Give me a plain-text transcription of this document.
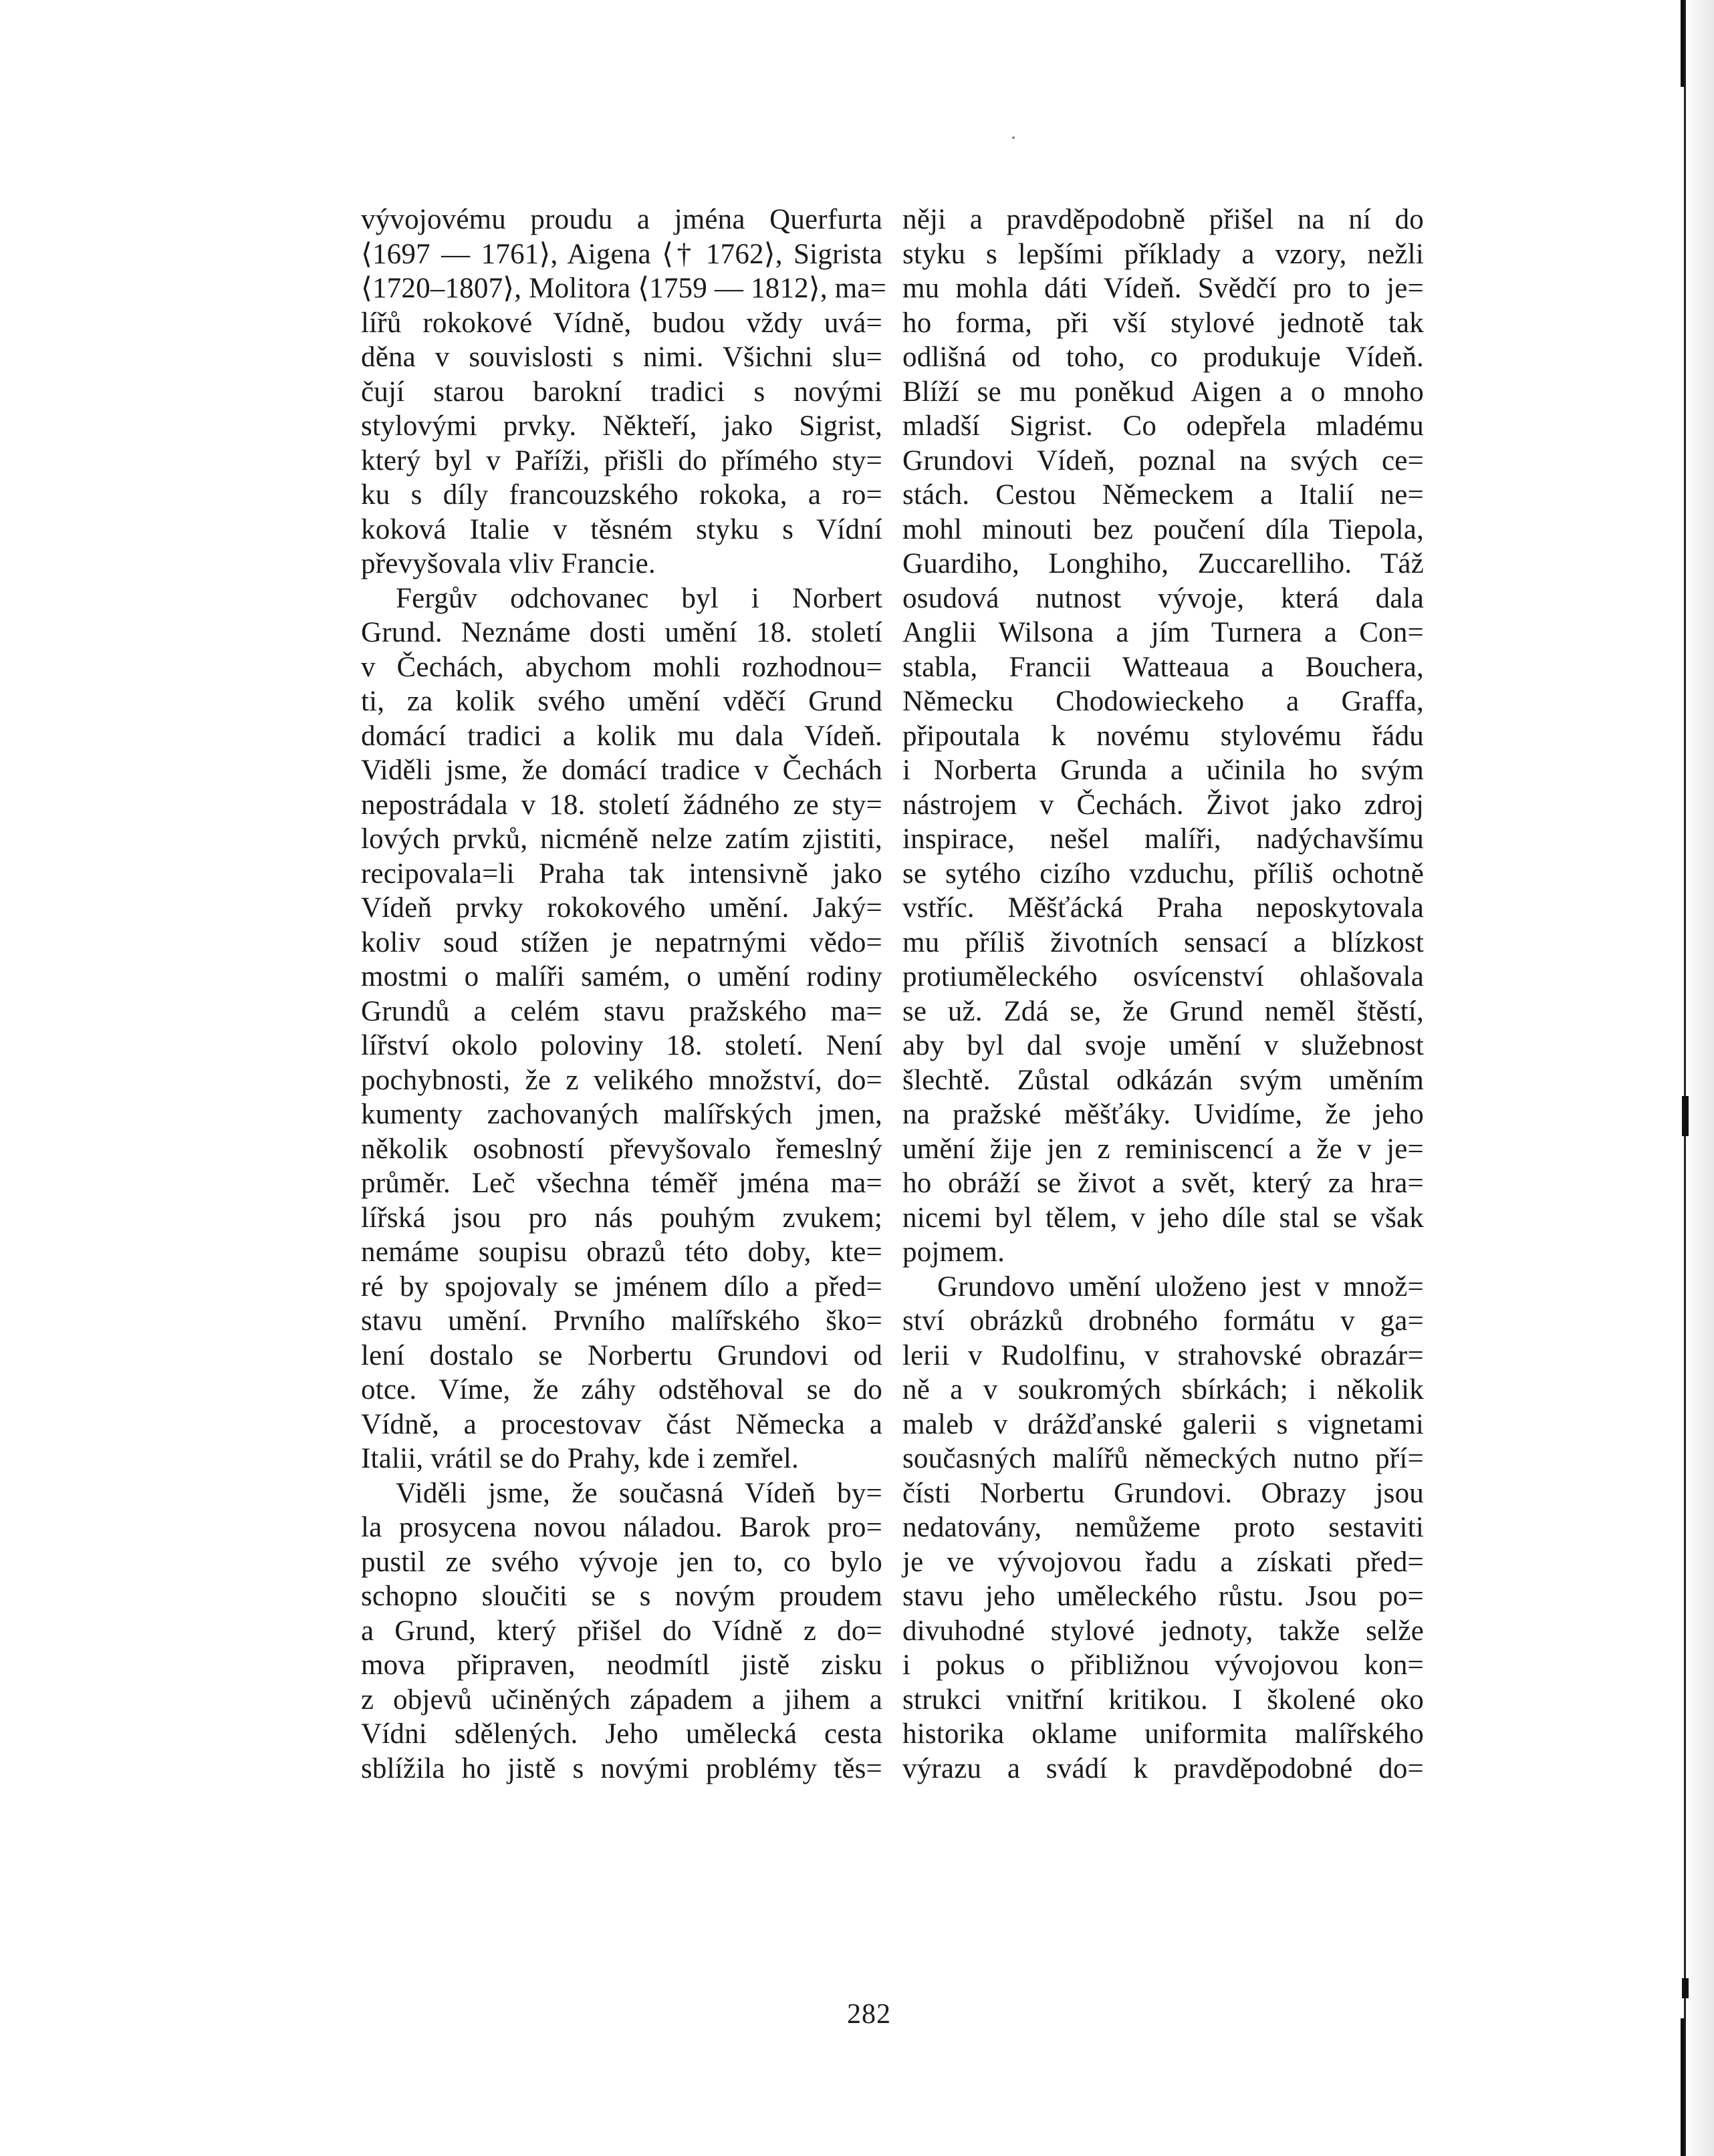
vývojovému proudu a jména Querfurta
⟨1697 — 1761⟩, Aigena ⟨† 1762⟩, Sigrista
⟨1720–1807⟩, Molitora ⟨1759 — 1812⟩, ma=
lířů rokokové Vídně, budou vždy uvá=
děna v souvislosti s nimi. Všichni slu=
čují starou barokní tradici s novými
stylovými prvky. Někteří, jako Sigrist,
který byl v Paříži, přišli do přímého sty=
ku s díly francouzského rokoka, a ro=
koková Italie v těsném styku s Vídní
převyšovala vliv Francie.
Fergův odchovanec byl i Norbert
Grund. Neznáme dosti umění 18. století
v Čechách, abychom mohli rozhodnou=
ti, za kolik svého umění vděčí Grund
domácí tradici a kolik mu dala Vídeň.
Viděli jsme, že domácí tradice v Čechách
nepostrádala v 18. století žádného ze sty=
lových prvků, nicméně nelze zatím zjistiti,
recipovala=li Praha tak intensivně jako
Vídeň prvky rokokového umění. Jaký=
koliv soud stížen je nepatrnými vědo=
mostmi o malíři samém, o umění rodiny
Grundů a celém stavu pražského ma=
lířství okolo poloviny 18. století. Není
pochybnosti, že z velikého množství, do=
kumenty zachovaných malířských jmen,
několik osobností převyšovalo řemeslný
průměr. Leč všechna téměř jména ma=
lířská jsou pro nás pouhým zvukem;
nemáme soupisu obrazů této doby, kte=
ré by spojovaly se jménem dílo a před=
stavu umění. Prvního malířského ško=
lení dostalo se Norbertu Grundovi od
otce. Víme, že záhy odstěhoval se do
Vídně, a procestovav část Německa a
Italii, vrátil se do Prahy, kde i zemřel.
Viděli jsme, že současná Vídeň by=
la prosycena novou náladou. Barok pro=
pustil ze svého vývoje jen to, co bylo
schopno sloučiti se s novým proudem
a Grund, který přišel do Vídně z do=
mova připraven, neodmítl jistě zisku
z objevů učiněných západem a jihem a
Vídni sdělených. Jeho umělecká cesta
sblížila ho jistě s novými problémy těs=
něji a pravděpodobně přišel na ní do
styku s lepšími příklady a vzory, nežli
mu mohla dáti Vídeň. Svědčí pro to je=
ho forma, při vší stylové jednotě tak
odlišná od toho, co produkuje Vídeň.
Blíží se mu poněkud Aigen a o mnoho
mladší Sigrist. Co odepřela mladému
Grundovi Vídeň, poznal na svých ce=
stách. Cestou Německem a Italií ne=
mohl minouti bez poučení díla Tiepola,
Guardiho, Longhiho, Zuccarelliho. Táž
osudová nutnost vývoje, která dala
Anglii Wilsona a jím Turnera a Con=
stabla, Francii Watteaua a Bouchera,
Německu Chodowieckeho a Graffa,
připoutala k novému stylovému řádu
i Norberta Grunda a učinila ho svým
nástrojem v Čechách. Život jako zdroj
inspirace, nešel malíři, nadýchavšímu
se sytého cizího vzduchu, příliš ochotně
vstříc. Měšťácká Praha neposkytovala
mu příliš životních sensací a blízkost
protiuměleckého osvícenství ohlašovala
se už. Zdá se, že Grund neměl štěstí,
aby byl dal svoje umění v služebnost
šlechtě. Zůstal odkázán svým uměním
na pražské měšťáky. Uvidíme, že jeho
umění žije jen z reminiscencí a že v je=
ho obráží se život a svět, který za hra=
nicemi byl tělem, v jeho díle stal se však
pojmem.
Grundovo umění uloženo jest v množ=
ství obrázků drobného formátu v ga=
lerii v Rudolfinu, v strahovské obrazár=
ně a v soukromých sbírkách; i několik
maleb v drážďanské galerii s vignetami
současných malířů německých nutno pří=
čísti Norbertu Grundovi. Obrazy jsou
nedatovány, nemůžeme proto sestaviti
je ve vývojovou řadu a získati před=
stavu jeho uměleckého růstu. Jsou po=
divuhodné stylové jednoty, takže selže
i pokus o přibližnou vývojovou kon=
strukci vnitřní kritikou. I školené oko
historika oklame uniformita malířského
výrazu a svádí k pravděpodobné do=
282
